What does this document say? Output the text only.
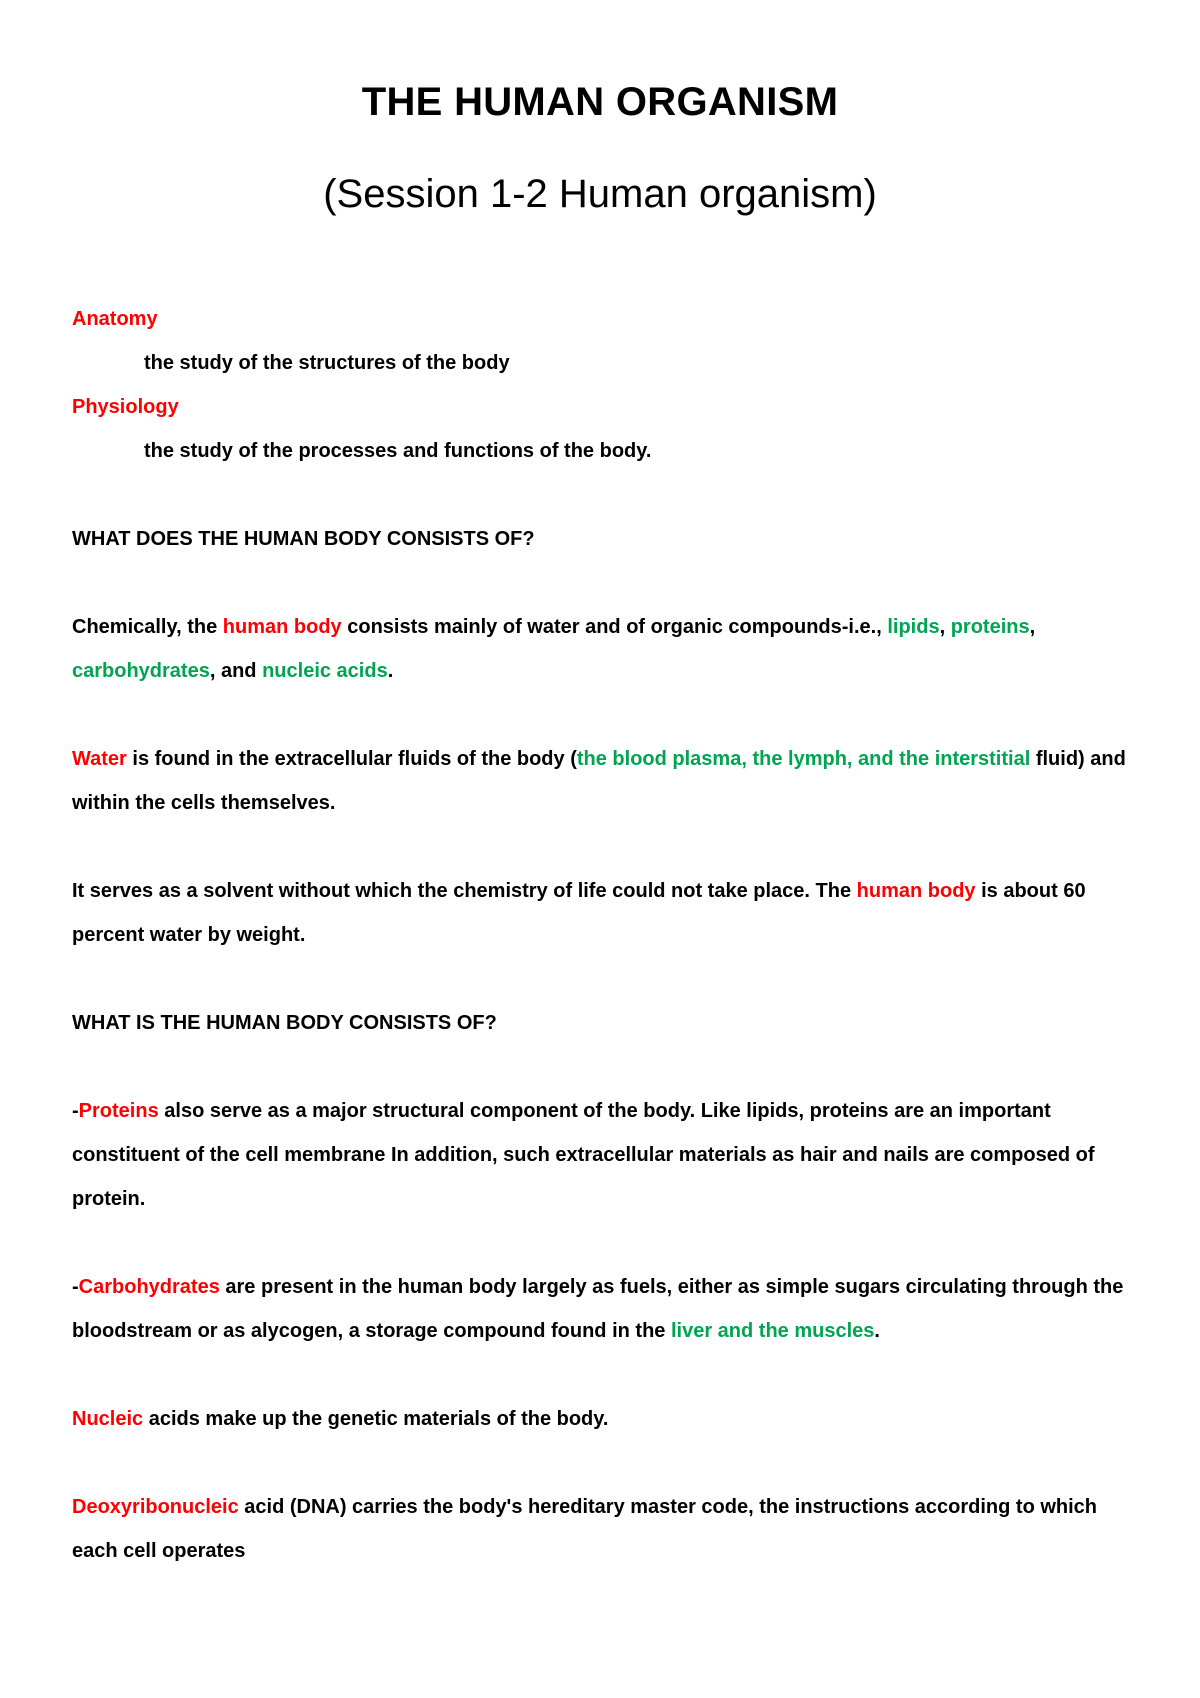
THE HUMAN ORGANISM
(Session 1-2 Human organism)

Anatomy

the study of the structures of the body

Physiology

the study of the processes and functions of the body.

WHAT DOES THE HUMAN BODY CONSISTS OF?

Chemically, the human body consists mainly of water and of organic compounds-i.e., lipids, proteins, carbohydrates, and nucleic acids.

Water is found in the extracellular fluids of the body (the blood plasma, the lymph, and the interstitial fluid) and within the cells themselves.

It serves as a solvent without which the chemistry of life could not take place. The human body is about 60 percent water by weight.

WHAT IS THE HUMAN BODY CONSISTS OF?

-Proteins also serve as a major structural component of the body. Like lipids, proteins are an important constituent of the cell membrane In addition, such extracellular materials as hair and nails are composed of protein.

-Carbohydrates are present in the human body largely as fuels, either as simple sugars circulating through the bloodstream or as alycogen, a storage compound found in the liver and the muscles.

Nucleic acids make up the genetic materials of the body.

Deoxyribonucleic acid (DNA) carries the body's hereditary master code, the instructions according to which each cell operates
